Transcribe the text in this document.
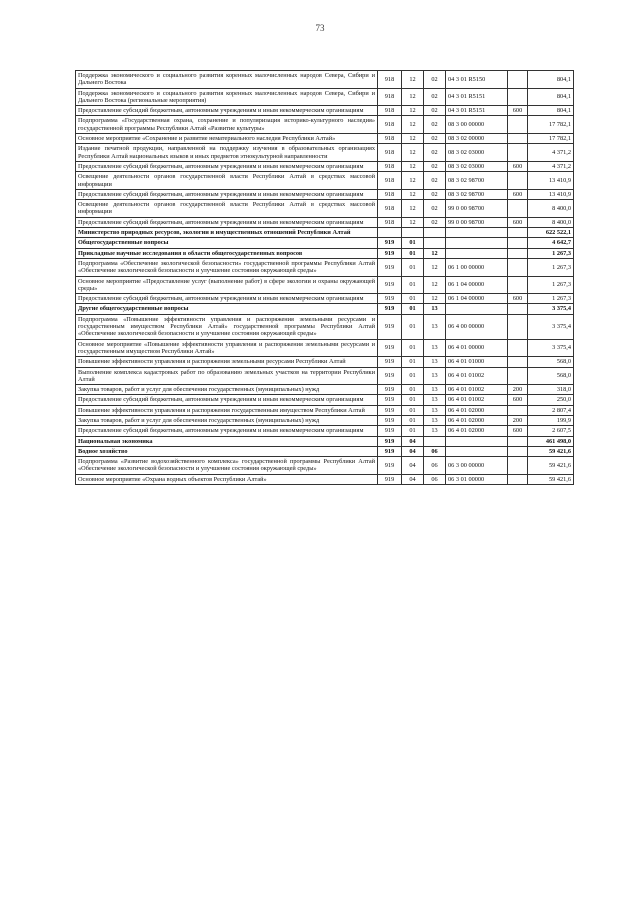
73
Поддержка экономического и социального развития коренных малочисленных народов Севера, Сибири и Дальнего Востока	918	12	02	04 3 01 R5150		804,1
Поддержка экономического и социального развития коренных малочисленных народов Севера, Сибири и Дальнего Востока (региональные мероприятия)	918	12	02	04 3 01 R5151		804,1
Предоставление субсидий бюджетным, автономным учреждениям и иным некоммерческим организациям	918	12	02	04 3 01 R5151	600	804,1
Подпрограмма «Государственная охрана, сохранение и популяризация историко-культурного наследия» государственной программы Республики Алтай «Развитие культуры»	918	12	02	08 3 00 00000		17 782,1
Основное мероприятие «Сохранение и развитие нематериального наследия Республики Алтай»	918	12	02	08 3 02 00000		17 782,1
Издание печатной продукции, направленной на поддержку изучения в образовательных организациях Республики Алтай национальных языков и иных предметов этнокультурной направленности	918	12	02	08 3 02 03000		4 371,2
Предоставление субсидий бюджетным, автономным учреждениям и иным некоммерческим организациям	918	12	02	08 3 02 03000	600	4 371,2
Освещение деятельности органов государственной власти Республики Алтай в средствах массовой информации	918	12	02	08 3 02 98700		13 410,9
Предоставление субсидий бюджетным, автономным учреждениям и иным некоммерческим организациям	918	12	02	08 3 02 98700	600	13 410,9
Освещение деятельности органов государственной власти Республики Алтай в средствах массовой информации	918	12	02	99 0 00 98700		8 400,0
Предоставление субсидий бюджетным, автономным учреждениям и иным некоммерческим организациям	918	12	02	99 0 00 98700	600	8 400,0
Министерство природных ресурсов, экологии и имущественных отношений Республики Алтай						622 522,1
Общегосударственные вопросы	919	01				4 642,7
Прикладные научные исследования в области общегосударственных вопросов	919	01	12			1 267,3
Подпрограмма «Обеспечение экологической безопасности» государственной программы Республики Алтай «Обеспечение экологической безопасности и улучшение состояния окружающей среды»	919	01	12	06 1 00 00000		1 267,3
Основное мероприятие «Предоставление услуг (выполнение работ) в сфере экологии и охраны окружающей среды»	919	01	12	06 1 04 00000		1 267,3
Предоставление субсидий бюджетным, автономным учреждениям и иным некоммерческим организациям	919	01	12	06 1 04 00000	600	1 267,3
Другие общегосударственные вопросы	919	01	13			3 375,4
Подпрограмма «Повышение эффективности управления и распоряжения земельными ресурсами и государственным имуществом Республики Алтай» государственной программы Республики Алтай «Обеспечение экологической безопасности и улучшение состояния окружающей среды»	919	01	13	06 4 00 00000		3 375,4
Основное мероприятие «Повышение эффективности управления и распоряжения земельными ресурсами и государственным имуществом Республики Алтай»	919	01	13	06 4 01 00000		3 375,4
Повышение эффективности управления и распоряжения земельными ресурсами Республики Алтай	919	01	13	06 4 01 01000		568,0
Выполнение комплекса кадастровых работ по образованию земельных участков на территории Республики Алтай	919	01	13	06 4 01 01002		568,0
Закупка товаров, работ и услуг для обеспечения государственных (муниципальных) нужд	919	01	13	06 4 01 01002	200	318,0
Предоставление субсидий бюджетным, автономным учреждениям и иным некоммерческим организациям	919	01	13	06 4 01 01002	600	250,0
Повышение эффективности управления и распоряжения государственным имуществом Республики Алтай	919	01	13	06 4 01 02000		2 807,4
Закупка товаров, работ и услуг для обеспечения государственных (муниципальных) нужд	919	01	13	06 4 01 02000	200	199,9
Предоставление субсидий бюджетным, автономным учреждениям и иным некоммерческим организациям	919	01	13	06 4 01 02000	600	2 607,5
Национальная экономика	919	04				461 498,0
Водное хозяйство	919	04	06			59 421,6
Подпрограмма «Развитие водохозяйственного комплекса» государственной программы Республики Алтай «Обеспечение экологической безопасности и улучшение состояния окружающей среды»	919	04	06	06 3 00 00000		59 421,6
Основное мероприятие «Охрана водных объектов Республики Алтай»	919	04	06	06 3 01 00000		59 421,6
